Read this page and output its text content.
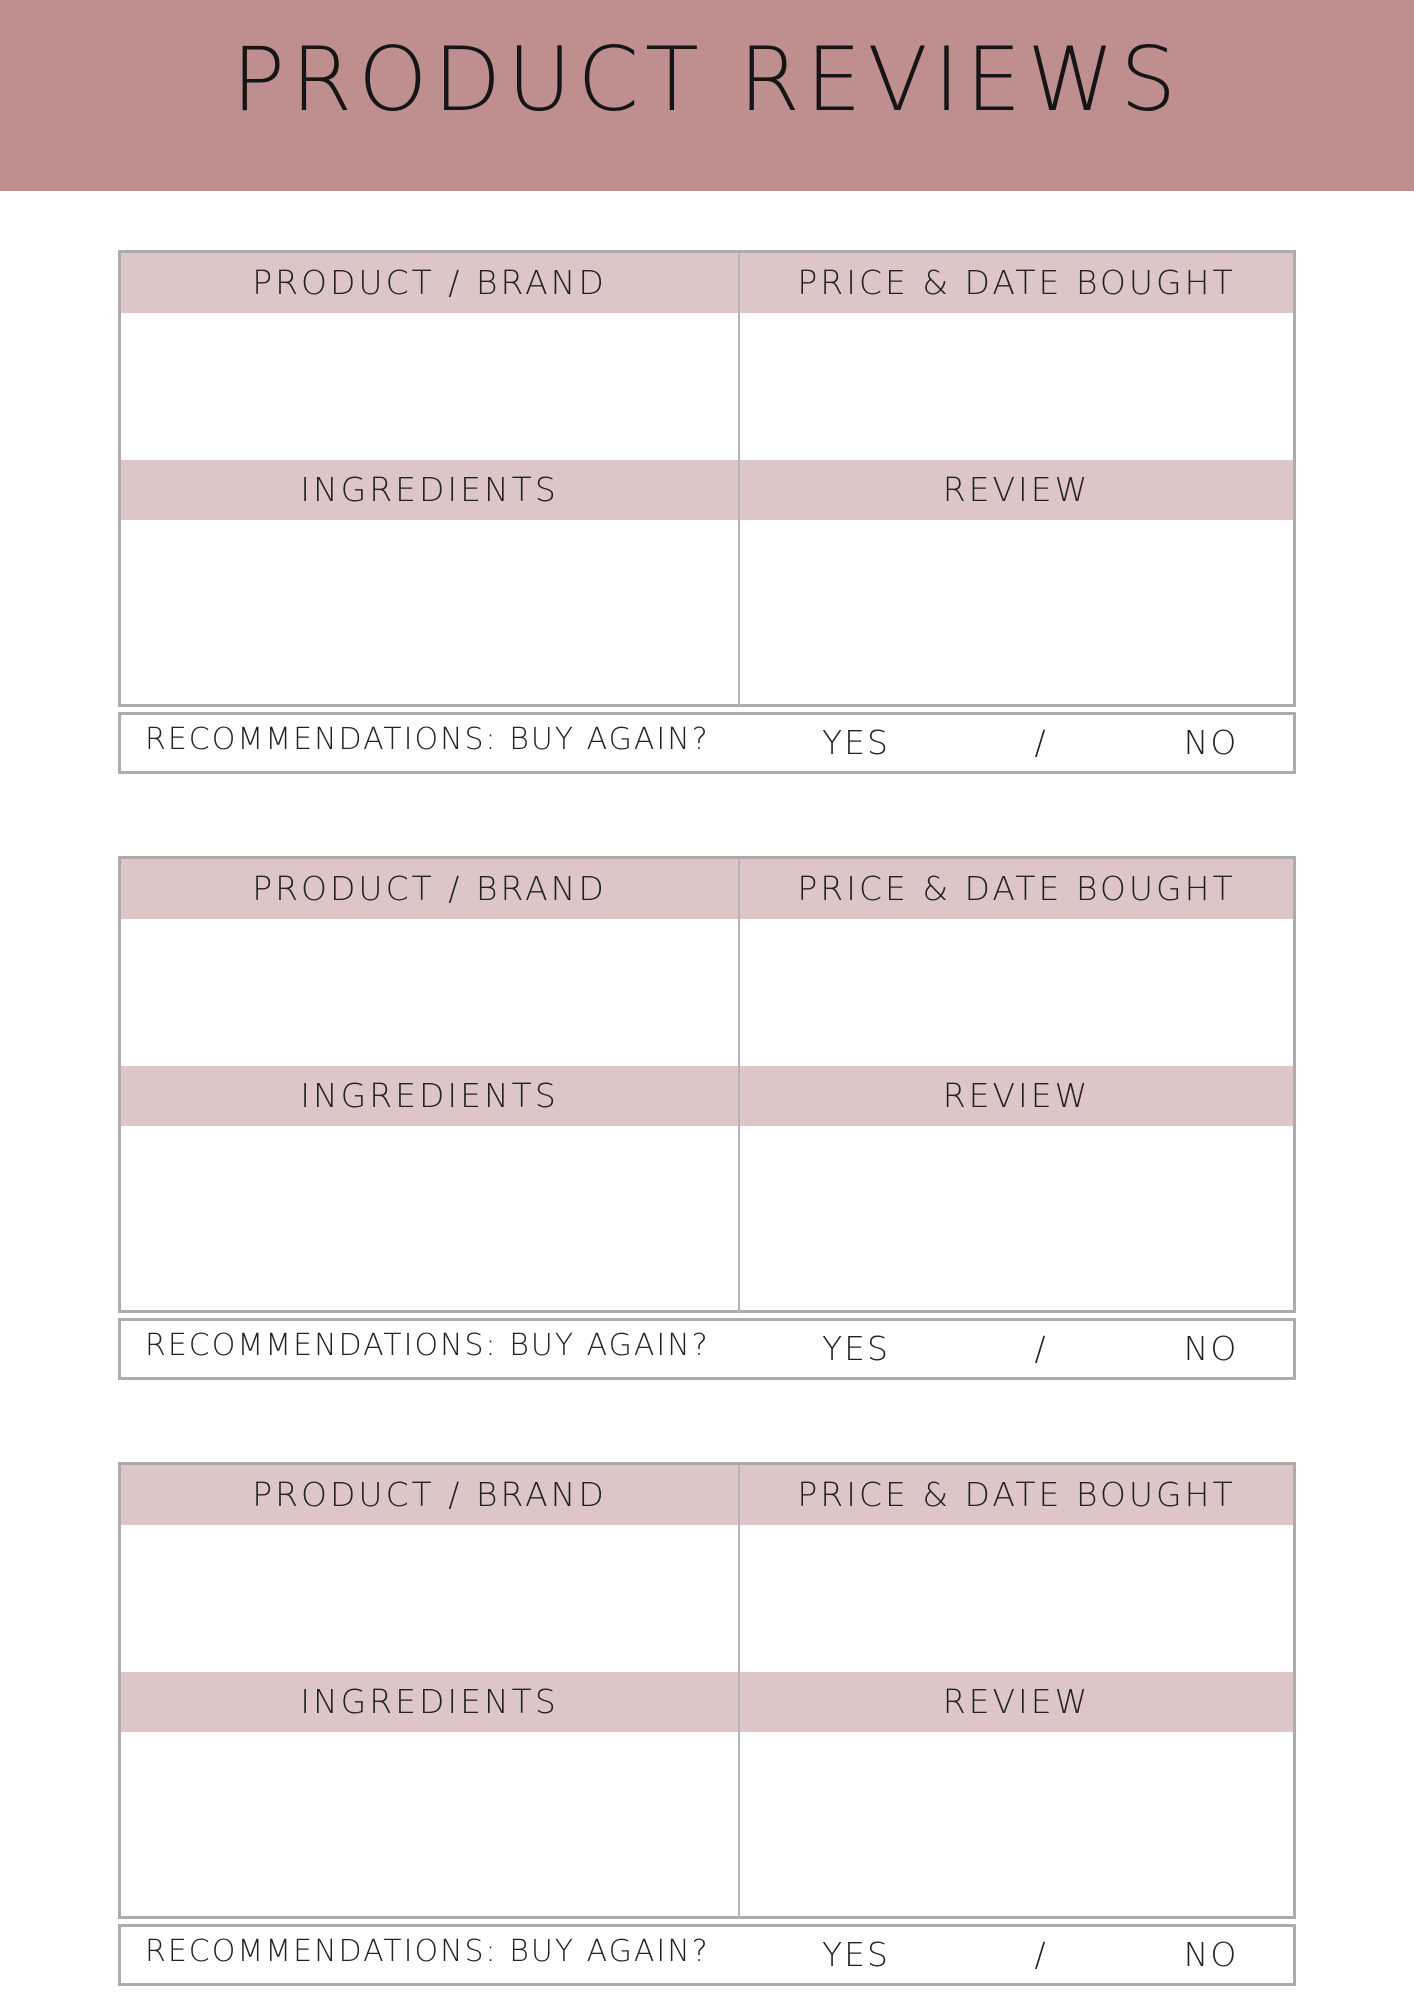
PRODUCT REVIEWS
PRODUCT / BRAND	PRICE & DATE BOUGHT
INGREDIENTS	REVIEW
RECOMMENDATIONS: BUY AGAIN?	YES	/	NO
PRODUCT / BRAND	PRICE & DATE BOUGHT
INGREDIENTS	REVIEW
RECOMMENDATIONS: BUY AGAIN?	YES	/	NO
PRODUCT / BRAND	PRICE & DATE BOUGHT
INGREDIENTS	REVIEW
RECOMMENDATIONS: BUY AGAIN?	YES	/	NO
